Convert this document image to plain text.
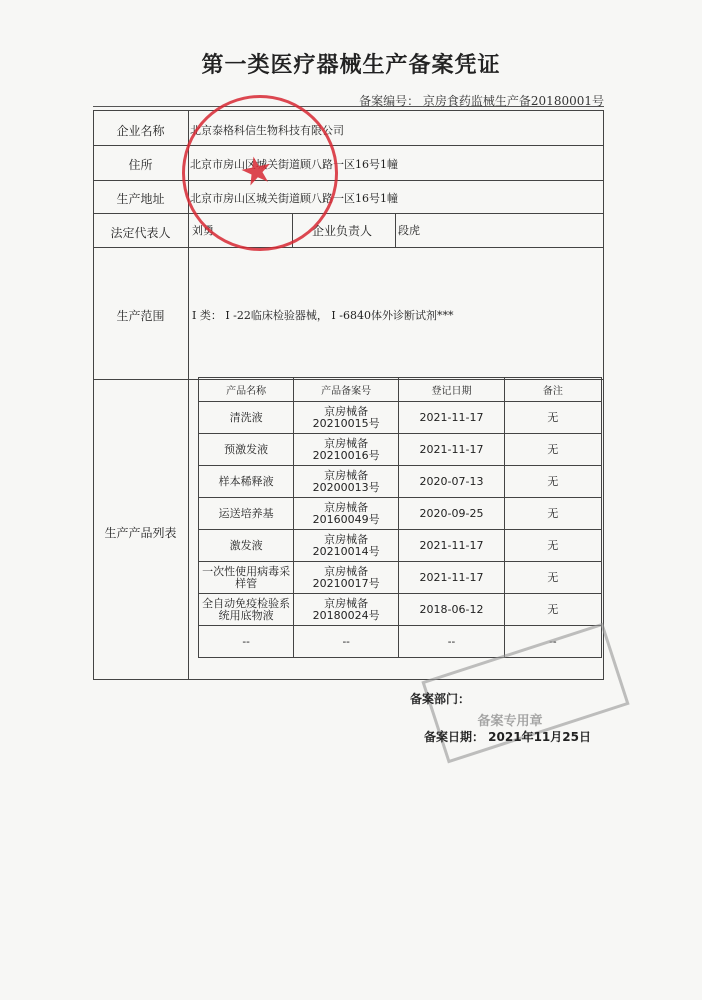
第一类医疗器械生产备案凭证
备案编号： 京房食药监械生产备20180001号
企业名称	北京泰格科信生物科技有限公司
住所	北京市房山区城关街道顾八路一区16号1幢
生产地址	北京市房山区城关街道顾八路一区16号1幢
法定代表人	刘勇	企业负责人 段虎
生产范围	I 类： I -22临床检验器械， I -6840体外诊断试剂***
生产产品列表
产品名称	产品备案号	登记日期	备注
清洗液	京房械备20210015号	2021-11-17	无
预激发液	京房械备20210016号	2021-11-17	无
样本稀释液	京房械备20200013号	2020-07-13	无
运送培养基	京房械备20160049号	2020-09-25	无
激发液	京房械备20210014号	2021-11-17	无
一次性使用病毒采样管	京房械备20210017号	2021-11-17	无
全自动免疫检验系统用底物液	京房械备20180024号	2018-06-12	无
--	--	--	--
★
备案专用章
备案部门：
备案日期： 2021年11月25日
